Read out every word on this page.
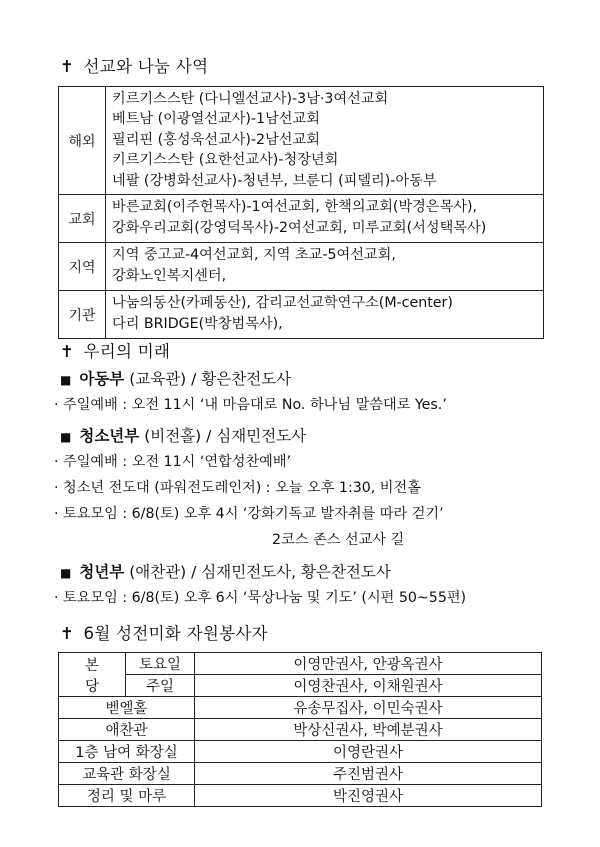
✝ 선교와 나눔 사역
해외	키르기스스탄 (다니엘선교사)-3남·3여선교회
베트남 (이광열선교사)-1남선교회
필리핀 (홍성욱선교사)-2남선교회
키르기스스탄 (요한선교사)-청장년회
네팔 (강병화선교사)-청년부, 브룬디 (피델리)-아동부

교회	바른교회(이주헌목사)-1여선교회, 한책의교회(박경은목사),
강화우리교회(강영덕목사)-2여선교회, 미루교회(서성택목사)

지역	지역 중고교-4여선교회, 지역 초교-5여선교회,
강화노인복지센터,

기관	나눔의동산(카페동산), 감리교선교학연구소(M-center)
다리 BRIDGE(박창범목사),
✝ 우리의 미래
■ 아동부 (교육관) / 황은찬전도사
· 주일예배 : 오전 11시 ‘내 마음대로 No. 하나님 말씀대로 Yes.’
■ 청소년부 (비전홀) / 심재민전도사
· 주일예배 : 오전 11시 ‘연합성찬예배’
· 청소년 전도대 (파워전도레인저) : 오늘 오후 1:30, 비전홀
· 토요모임 : 6/8(토) 오후 4시 ‘강화기독교 발자취를 따라 걷기’
2코스 존스 선교사 길
■ 청년부 (애찬관) / 심재민전도사, 황은찬전도사
· 토요모임 : 6/8(토) 오후 6시 ‘묵상나눔 및 기도’ (시편 50~55편)
✝ 6월 성전미화 자원봉사자
본
당	토요일	이영만권사, 안광옥권사
	주일	이영찬권사, 이채원권사
벧엘홀		유송무집사, 이민숙권사
애찬관		박상신권사, 박예분권사
1층 남여 화장실		이영란권사
교육관 화장실		주진범권사
정리 및 마루		박진영권사
